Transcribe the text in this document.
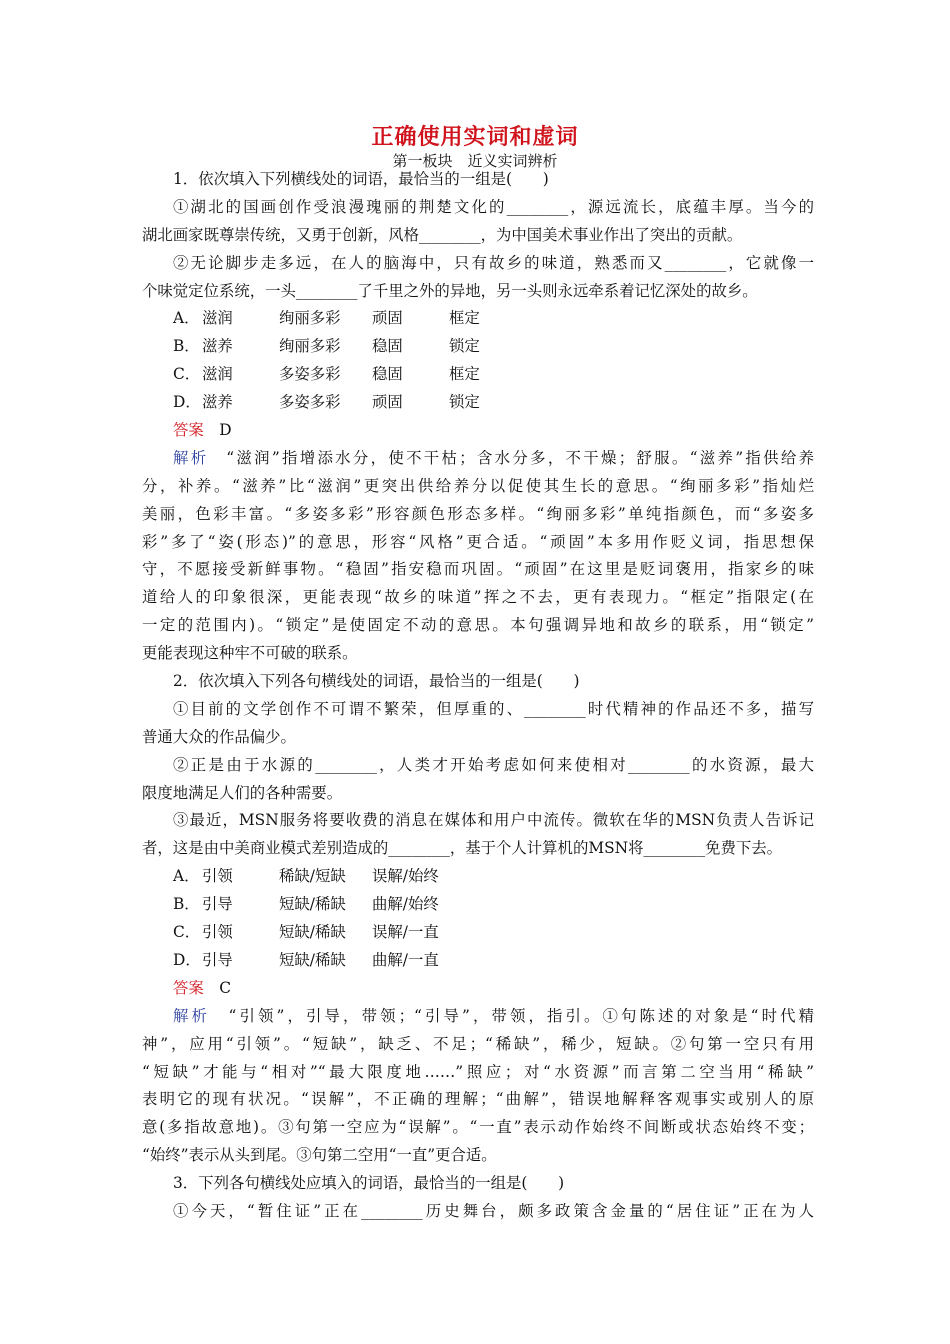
正确使用实词和虚词
第一板块　近义实词辨析
1．依次填入下列横线处的词语，最恰当的一组是(　　)
①湖北的国画创作受浪漫瑰丽的荆楚文化的________，源远流长，底蕴丰厚。当今的
湖北画家既尊崇传统，又勇于创新，风格________，为中国美术事业作出了突出的贡献。
②无论脚步走多远，在人的脑海中，只有故乡的味道，熟悉而又________，它就像一
个味觉定位系统，一头________了千里之外的异地，另一头则永远牵系着记忆深处的故乡。
A． 滋润	绚丽多彩 顽固	框定
B． 滋养	绚丽多彩 稳固	锁定
C． 滋润	多姿多彩 稳固	框定
D．滋养	多姿多彩 顽固	锁定
答案　 D
解析　 “滋润”指增添水分，使不干枯；含水分多，不干燥；舒服。“滋养”指供给养
分，补养。“滋养”比“滋润”更突出供给养分以促使其生长的意思。“绚丽多彩”指灿烂
美丽，色彩丰富。“多姿多彩”形容颜色形态多样。“绚丽多彩”单纯指颜色，而“多姿多
彩”多了“姿(形态)”的意思，形容“风格”更合适。“顽固”本多用作贬义词，指思想保
守，不愿接受新鲜事物。“稳固”指安稳而巩固。“顽固”在这里是贬词褒用，指家乡的味
道给人的印象很深，更能表现“故乡的味道”挥之不去，更有表现力。“框定”指限定(在
一定的范围内)。“锁定”是使固定不动的意思。本句强调异地和故乡的联系，用“锁定”
更能表现这种牢不可破的联系。
2．依次填入下列各句横线处的词语，最恰当的一组是(　　)
①目前的文学创作不可谓不繁荣，但厚重的、________时代精神的作品还不多，描写
普通大众的作品偏少。
②正是由于水源的________，人类才开始考虑如何来使相对________的水资源，最大
限度地满足人们的各种需要。
③最近，MSN服务将要收费的消息在媒体和用户中流传。微软在华的MSN负责人告诉记
者，这是由中美商业模式差别造成的________，基于个人计算机的MSN将________免费下去。
A． 引领	稀缺/短缺 误解/始终
B． 引导	短缺/稀缺 曲解/始终
C． 引领	短缺/稀缺 误解/一直
D．引导	短缺/稀缺 曲解/一直
答案　 C
解析　 “引领”，引导，带领；“引导”，带领，指引。①句陈述的对象是“时代精
神”，应用“引领”。“短缺”，缺乏、不足；“稀缺”，稀少，短缺。②句第一空只有用
“短缺”才能与“相对”“最大限度地……”照应；对“水资源”而言第二空当用“稀缺”
表明它的现有状况。“误解”，不正确的理解；“曲解”，错误地解释客观事实或别人的原
意(多指故意地)。③句第一空应为“误解”。“一直”表示动作始终不间断或状态始终不变；
“始终”表示从头到尾。③句第二空用“一直”更合适。
3．下列各句横线处应填入的词语，最恰当的一组是(　　)
①今天，“暂住证”正在________历史舞台，颇多政策含金量的“居住证”正在为人
